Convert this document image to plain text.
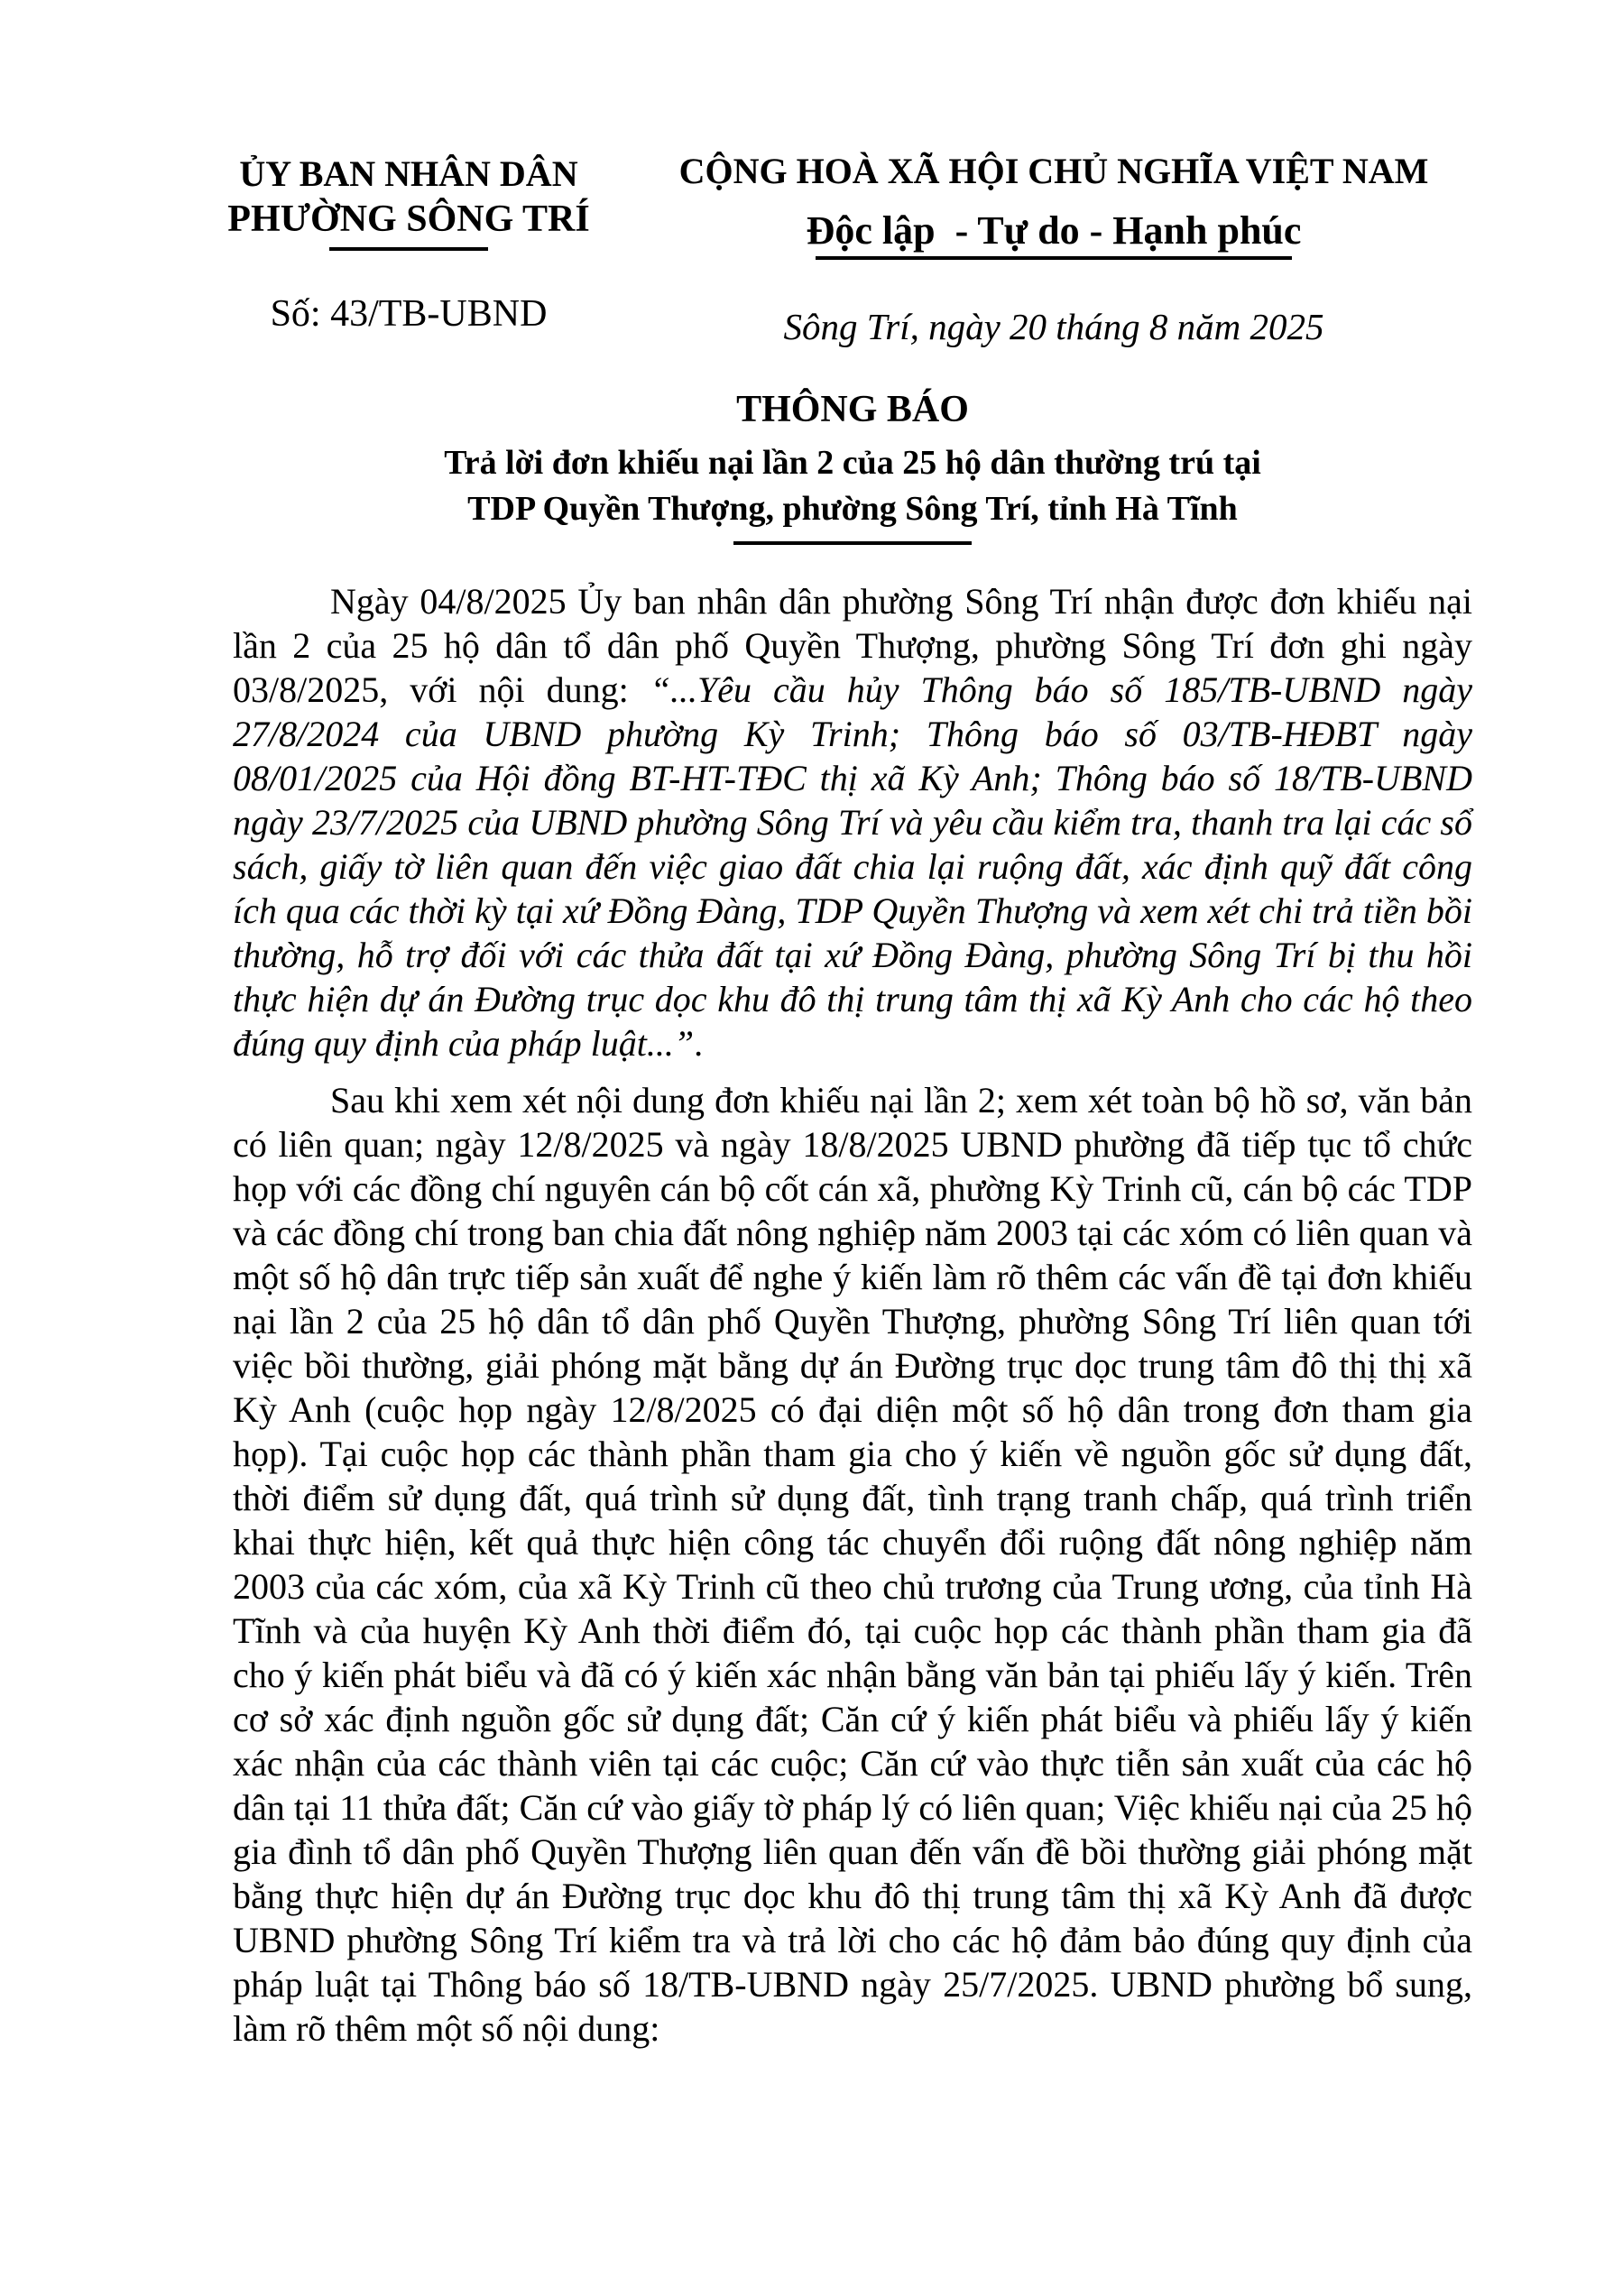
ỦY BAN NHÂN DÂN
PHƯỜNG SÔNG TRÍ
Số: 43/TB-UBND
CỘNG HOÀ XÃ HỘI CHỦ NGHĨA VIỆT NAM
Độc lập  - Tự do - Hạnh phúc
Sông Trí, ngày 20 tháng 8 năm 2025
THÔNG BÁO
Trả lời đơn khiếu nại lần 2 của 25 hộ dân thường trú tại
TDP Quyền Thượng, phường Sông Trí, tỉnh Hà Tĩnh

Ngày 04/8/2025 Ủy ban nhân dân phường Sông Trí nhận được đơn khiếu nại lần 2 của 25 hộ dân tổ dân phố Quyền Thượng, phường Sông Trí đơn ghi ngày 03/8/2025, với nội dung: “...Yêu cầu hủy Thông báo số 185/TB-UBND ngày 27/8/2024 của UBND phường Kỳ Trinh; Thông báo số 03/TB-HĐBT ngày 08/01/2025 của Hội đồng BT-HT-TĐC thị xã Kỳ Anh; Thông báo số 18/TB-UBND ngày 23/7/2025 của UBND phường Sông Trí và yêu cầu kiểm tra, thanh tra lại các sổ sách, giấy tờ liên quan đến việc giao đất chia lại ruộng đất, xác định quỹ đất công ích qua các thời kỳ tại xứ Đồng Đàng, TDP Quyền Thượng và xem xét chi trả tiền bồi thường, hỗ trợ đối với các thửa đất tại xứ Đồng Đàng, phường Sông Trí bị thu hồi thực hiện dự án Đường trục dọc khu đô thị trung tâm thị xã Kỳ Anh cho các hộ theo đúng quy định của pháp luật...”.

Sau khi xem xét nội dung đơn khiếu nại lần 2; xem xét toàn bộ hồ sơ, văn bản có liên quan; ngày 12/8/2025 và ngày 18/8/2025 UBND phường đã tiếp tục tổ chức họp với các đồng chí nguyên cán bộ cốt cán xã, phường Kỳ Trinh cũ, cán bộ các TDP và các đồng chí trong ban chia đất nông nghiệp năm 2003 tại các xóm có liên quan và một số hộ dân trực tiếp sản xuất để nghe ý kiến làm rõ thêm các vấn đề tại đơn khiếu nại lần 2 của 25 hộ dân tổ dân phố Quyền Thượng, phường Sông Trí liên quan tới việc bồi thường, giải phóng mặt bằng dự án Đường trục dọc trung tâm đô thị thị xã Kỳ Anh (cuộc họp ngày 12/8/2025 có đại diện một số hộ dân trong đơn tham gia họp). Tại cuộc họp các thành phần tham gia cho ý kiến về nguồn gốc sử dụng đất, thời điểm sử dụng đất, quá trình sử dụng đất, tình trạng tranh chấp, quá trình triển khai thực hiện, kết quả thực hiện công tác chuyển đổi ruộng đất nông nghiệp năm 2003 của các xóm, của xã Kỳ Trinh cũ theo chủ trương của Trung ương, của tỉnh Hà Tĩnh và của huyện Kỳ Anh thời điểm đó, tại cuộc họp các thành phần tham gia đã cho ý kiến phát biểu và đã có ý kiến xác nhận bằng văn bản tại phiếu lấy ý kiến. Trên cơ sở xác định nguồn gốc sử dụng đất; Căn cứ ý kiến phát biểu và phiếu lấy ý kiến xác nhận của các thành viên tại các cuộc; Căn cứ vào thực tiễn sản xuất của các hộ dân tại 11 thửa đất; Căn cứ vào giấy tờ pháp lý có liên quan; Việc khiếu nại của 25 hộ gia đình tổ dân phố Quyền Thượng liên quan đến vấn đề bồi thường giải phóng mặt bằng thực hiện dự án Đường trục dọc khu đô thị trung tâm thị xã Kỳ Anh đã được UBND phường Sông Trí kiểm tra và trả lời cho các hộ đảm bảo đúng quy định của pháp luật tại Thông báo số 18/TB-UBND ngày 25/7/2025. UBND phường bổ sung, làm rõ thêm một số nội dung:
